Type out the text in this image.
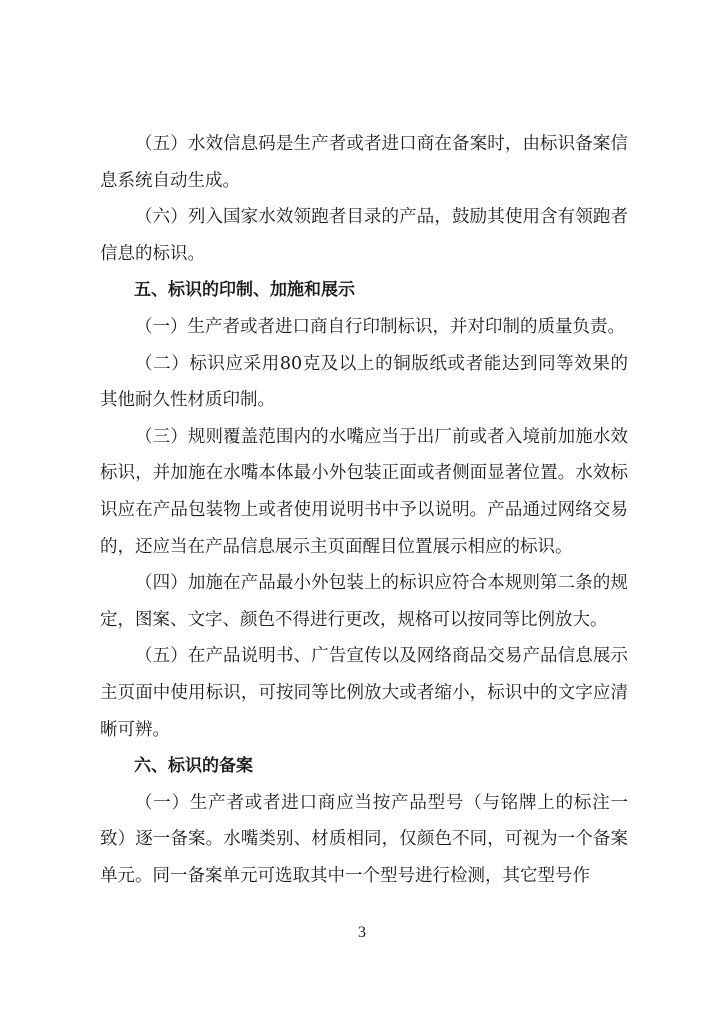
（五）水效信息码是生产者或者进口商在备案时，由标识备案信息系统自动生成。

（六）列入国家水效领跑者目录的产品，鼓励其使用含有领跑者信息的标识。

五、标识的印制、加施和展示

（一）生产者或者进口商自行印制标识，并对印制的质量负责。

（二）标识应采用80克及以上的铜版纸或者能达到同等效果的其他耐久性材质印制。

（三）规则覆盖范围内的水嘴应当于出厂前或者入境前加施水效标识，并加施在水嘴本体最小外包装正面或者侧面显著位置。水效标识应在产品包装物上或者使用说明书中予以说明。产品通过网络交易的，还应当在产品信息展示主页面醒目位置展示相应的标识。

（四）加施在产品最小外包装上的标识应符合本规则第二条的规定，图案、文字、颜色不得进行更改，规格可以按同等比例放大。

（五）在产品说明书、广告宣传以及网络商品交易产品信息展示主页面中使用标识，可按同等比例放大或者缩小，标识中的文字应清晰可辨。

六、标识的备案

（一）生产者或者进口商应当按产品型号（与铭牌上的标注一致）逐一备案。水嘴类别、材质相同，仅颜色不同，可视为一个备案单元。同一备案单元可选取其中一个型号进行检测，其它型号作

3
